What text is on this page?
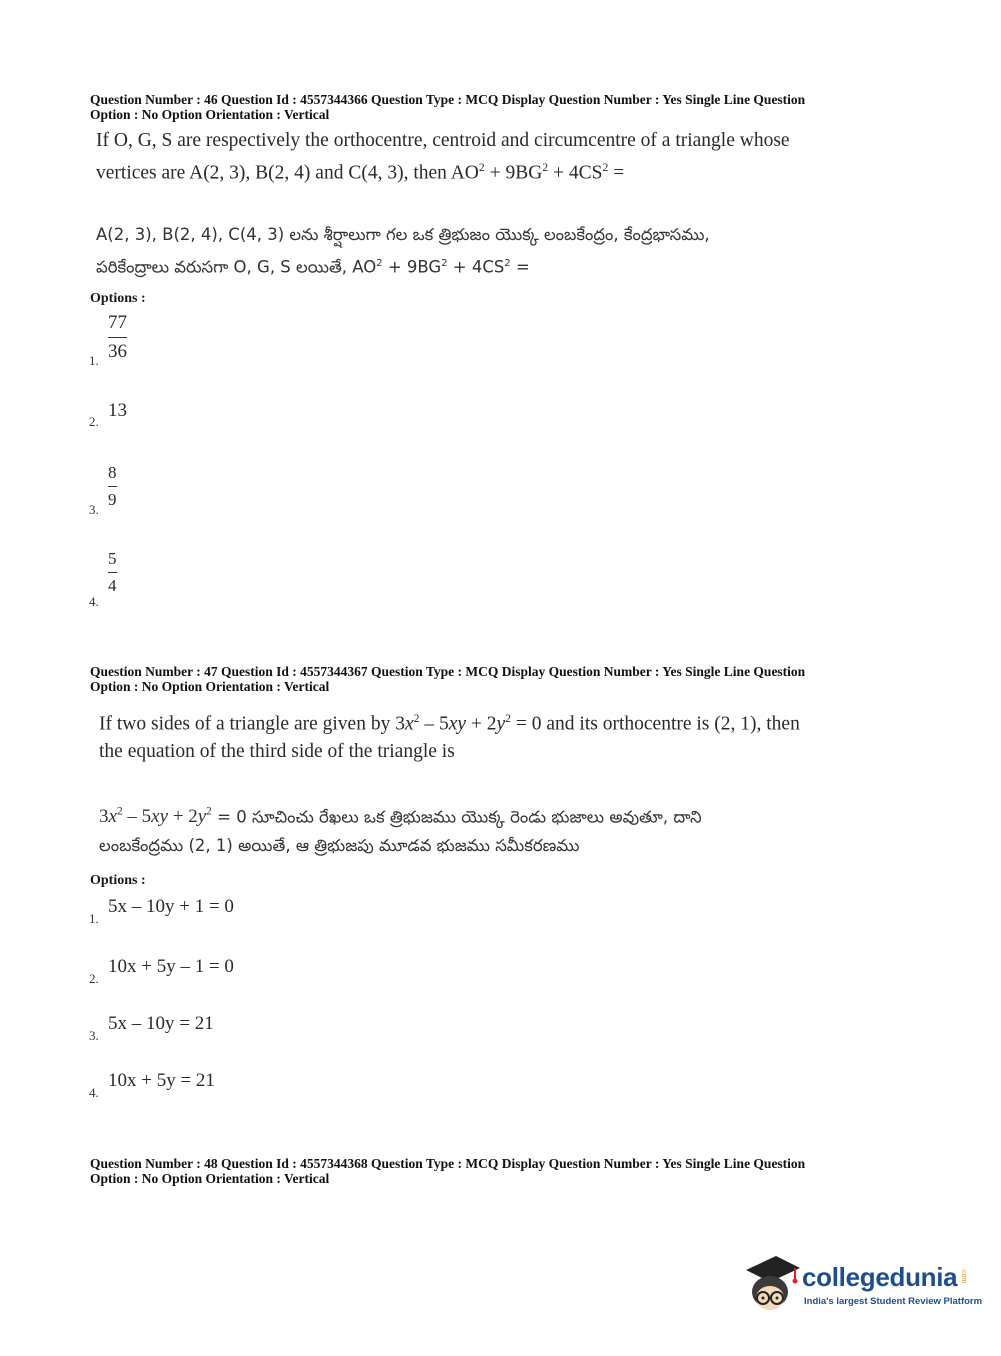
Question Number : 46 Question Id : 4557344366 Question Type : MCQ Display Question Number : Yes Single Line Question
Option : No Option Orientation : Vertical
If O, G, S are respectively the orthocentre, centroid and circumcentre of a triangle whose
vertices are A(2, 3), B(2, 4) and C(4, 3), then $AO^2 + 9BG^2 + 4CS^2$ =
A(2, 3), B(2, 4), C(4, 3) లను శీర్షాలుగా గల ఒక త్రిభుజం యొక్క లంబకేంద్రం, కేంద్రభాసము,
పరికేంద్రాలు వరుసగా O, G, S లయితే, $AO^2 + 9BG^2 + 4CS^2$ =
Options :
1.
77
36
2.
13
3.
8
9
4.
5
4
Question Number : 47 Question Id : 4557344367 Question Type : MCQ Display Question Number : Yes Single Line Question
Option : No Option Orientation : Vertical
If two sides of a triangle are given by $3x^2 - 5xy + 2y^2 = 0$ and its orthocentre is (2, 1), then
the equation of the third side of the triangle is
$3x^2 - 5xy + 2y^2 = 0$ సూచించు రేఖలు ఒక త్రిభుజము యొక్క రెండు భుజాలు అవుతూ, దాని
లంబకేంద్రము (2, 1) అయితే, ఆ త్రిభుజపు మూడవ భుజము సమీకరణము
Options :
1.
5x – 10y + 1 = 0
2.
10x + 5y – 1 = 0
3.
5x – 10y = 21
4.
10x + 5y = 21
Question Number : 48 Question Id : 4557344368 Question Type : MCQ Display Question Number : Yes Single Line Question
Option : No Option Orientation : Vertical
collegedunia .com
India's largest Student Review Platform
